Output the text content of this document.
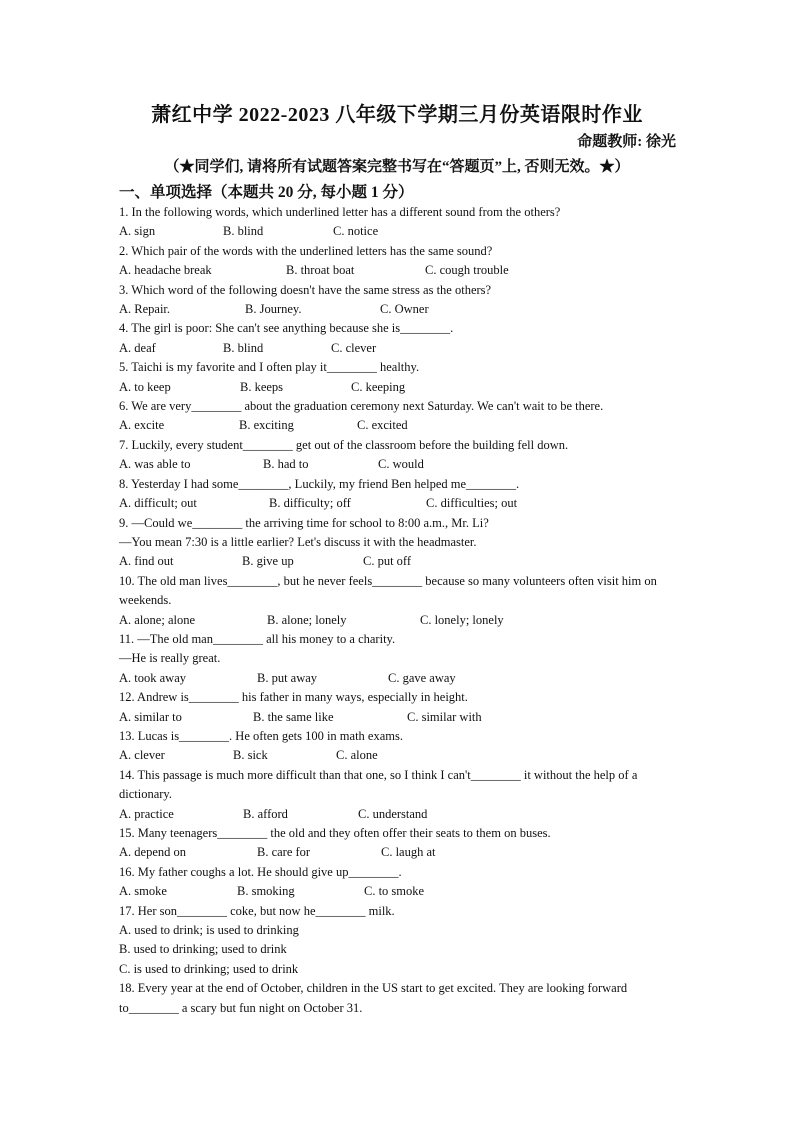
萧红中学 2022-2023 八年级下学期三月份英语限时作业
命题教师: 徐光
（★同学们, 请将所有试题答案完整书写在“答题页”上, 否则无效。★）
一、单项选择（本题共 20 分, 每小题 1 分）
1. In the following words, which underlined letter has a different sound from the others?
A. sign	B. blind	C. notice
2. Which pair of the words with the underlined letters has the same sound?
A. headache break	B. throat boat	C. cough trouble
3. Which word of the following doesn't have the same stress as the others?
A. Repair.	B. Journey.	C. Owner
4. The girl is poor: She can't see anything because she is________.
A. deaf	B. blind	C. clever
5. Taichi is my favorite and I often play it________ healthy.
A. to keep	B. keeps	C. keeping
6. We are very________ about the graduation ceremony next Saturday. We can't wait to be there.
A. excite	B. exciting	C. excited
7. Luckily, every student________ get out of the classroom before the building fell down.
A. was able to	B. had to	C. would
8. Yesterday I had some________, Luckily, my friend Ben helped me________.
A. difficult; out	B. difficulty; off	C. difficulties; out
9. —Could we________ the arriving time for school to 8:00 a.m., Mr. Li?
—You mean 7:30 is a little earlier? Let's discuss it with the headmaster.
A. find out	B. give up	C. put off
10. The old man lives________, but he never feels________ because so many volunteers often visit him on weekends.
A. alone; alone	B. alone; lonely	C. lonely; lonely
11. —The old man________ all his money to a charity.
—He is really great.
A. took away	B. put away	C. gave away
12. Andrew is________ his father in many ways, especially in height.
A. similar to	B. the same like	C. similar with
13. Lucas is________. He often gets 100 in math exams.
A. clever	B. sick	C. alone
14. This passage is much more difficult than that one, so I think I can't________ it without the help of a dictionary.
A. practice	B. afford	C. understand
15. Many teenagers________ the old and they often offer their seats to them on buses.
A. depend on	B. care for	C. laugh at
16. My father coughs a lot. He should give up________.
A. smoke	B. smoking	C. to smoke
17. Her son________ coke, but now he________ milk.
A. used to drink; is used to drinking
B. used to drinking; used to drink
C. is used to drinking; used to drink
18. Every year at the end of October, children in the US start to get excited. They are looking forward to________ a scary but fun night on October 31.
